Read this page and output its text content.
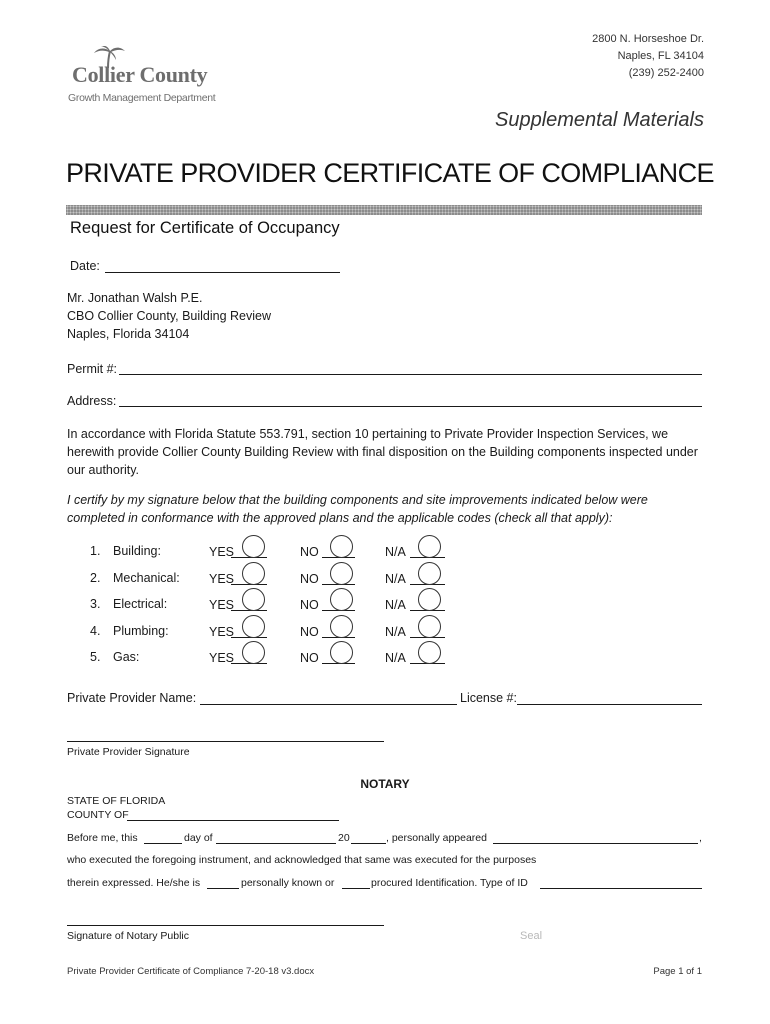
2800 N. Horseshoe Dr.
Naples, FL 34104
(239) 252-2400
Collier County
Growth Management Department
Supplemental Materials
PRIVATE PROVIDER CERTIFICATE OF COMPLIANCE
Request for Certificate of Occupancy
Date:
Mr. Jonathan Walsh P.E.
CBO Collier County, Building Review
Naples, Florida 34104
Permit #:
Address:
In accordance with Florida Statute 553.791, section 10 pertaining to Private Provider Inspection Services, we herewith provide Collier County Building Review with final disposition on the Building components inspected under our authority.
I certify by my signature below that the building components and site improvements indicated below were completed in conformance with the approved plans and the applicable codes (check all that apply):
1. Building:	YES	NO	N/A
2. Mechanical: YES	NO	N/A
3. Electrical:	YES	NO	N/A
4. Plumbing:	YES	NO	N/A
5. Gas:	YES	NO	N/A
Private Provider Name:	License #:
Private Provider Signature
NOTARY
STATE OF FLORIDA
COUNTY OF
Before me, this	day of	20	, personally appeared	,
who executed the foregoing instrument, and acknowledged that same was executed for the purposes
therein expressed. He/she is	personally known or	procured Identification. Type of ID
Signature of Notary Public	Seal
Private Provider Certificate of Compliance 7-20-18 v3.docx	Page 1 of 1
